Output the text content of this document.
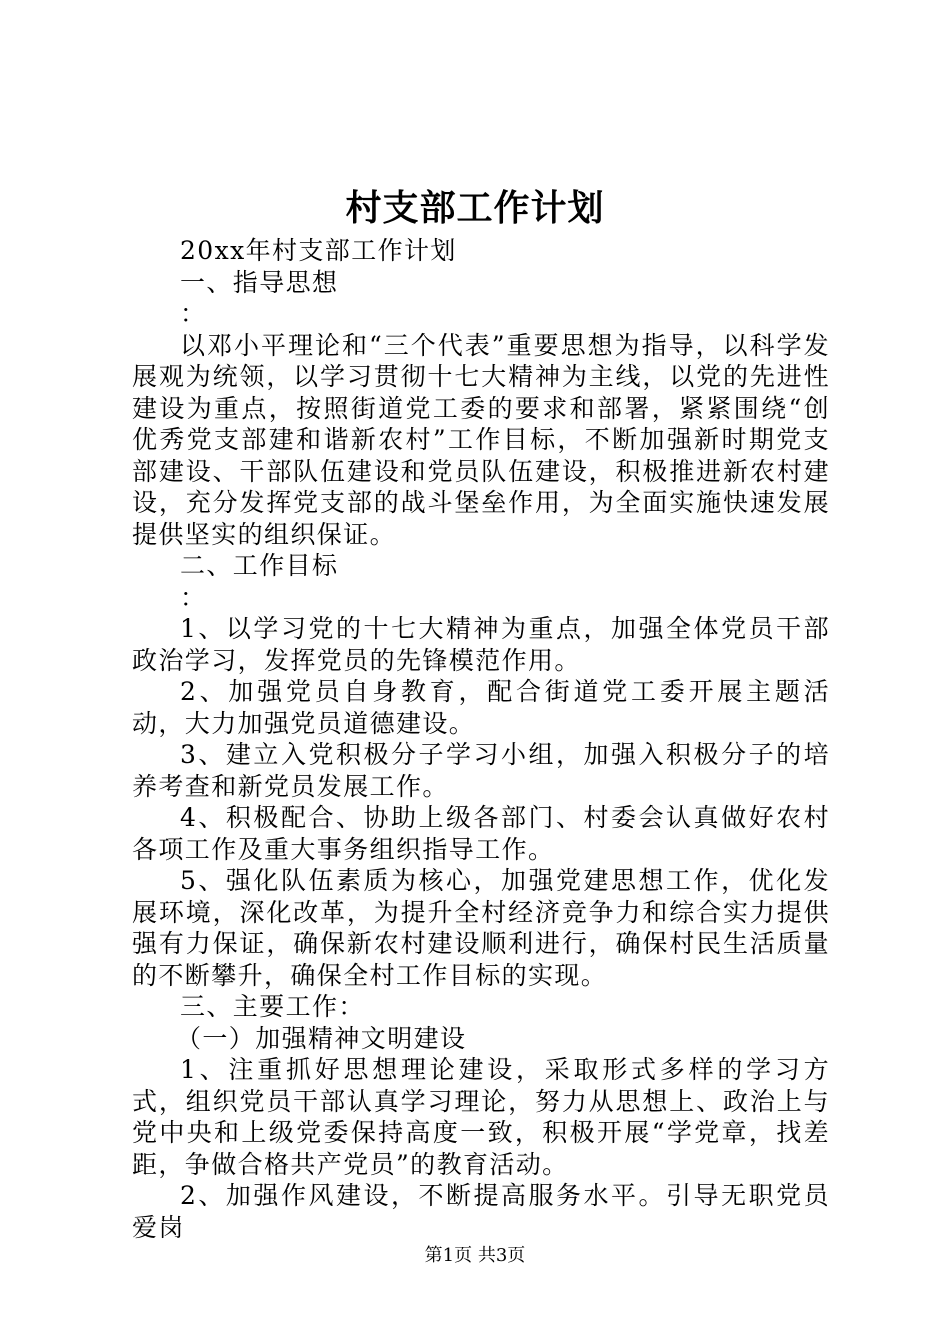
村支部工作计划

20xx年村支部工作计划

一、指导思想

：

以邓小平理论和“三个代表”重要思想为指导，以科学发展观为统领，以学习贯彻十七大精神为主线，以党的先进性建设为重点，按照街道党工委的要求和部署，紧紧围绕“创优秀党支部建和谐新农村”工作目标，不断加强新时期党支部建设、干部队伍建设和党员队伍建设，积极推进新农村建设，充分发挥党支部的战斗堡垒作用，为全面实施快速发展提供坚实的组织保证。

二、工作目标

：

1、以学习党的十七大精神为重点，加强全体党员干部政治学习，发挥党员的先锋模范作用。

2、加强党员自身教育，配合街道党工委开展主题活动，大力加强党员道德建设。

3、建立入党积极分子学习小组，加强入积极分子的培养考查和新党员发展工作。

4、积极配合、协助上级各部门、村委会认真做好农村各项工作及重大事务组织指导工作。

5、强化队伍素质为核心，加强党建思想工作，优化发展环境，深化改革，为提升全村经济竞争力和综合实力提供强有力保证，确保新农村建设顺利进行，确保村民生活质量的不断攀升，确保全村工作目标的实现。

三、主要工作：

（一）加强精神文明建设

1、注重抓好思想理论建设，采取形式多样的学习方式，组织党员干部认真学习理论，努力从思想上、政治上与党中央和上级党委保持高度一致，积极开展“学党章，找差距，争做合格共产党员”的教育活动。

2、加强作风建设，不断提高服务水平。引导无职党员爱岗

第1页 共3页
